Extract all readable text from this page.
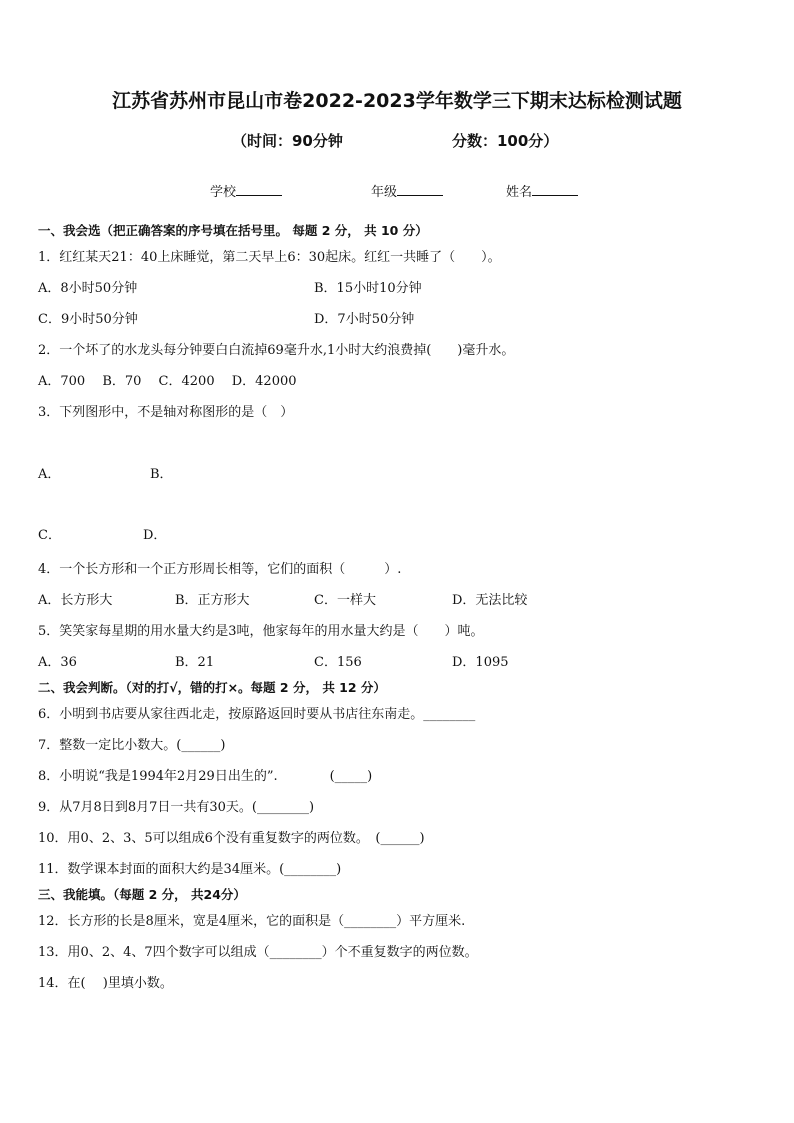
江苏省苏州市昆山市卷2022-2023学年数学三下期末达标检测试题
（时间：90分钟	分数：100分）
学校	年级	姓名
一、我会选（把正确答案的序号填在括号里。 每题 2 分， 共 10 分）
1．红红某天21：40上床睡觉，第二天早上6：30起床。红红一共睡了（　　）。
A．8小时50分钟	B．15小时10分钟
C．9小时50分钟	D．7小时50分钟
2．一个坏了的水龙头每分钟要白白流掉69毫升水,1小时大约浪费掉(　　)毫升水。
A．700　 B．70　 C．4200　 D．42000
3．下列图形中，不是轴对称图形的是（　）
A．	B．
C．	D．
4．一个长方形和一个正方形周长相等，它们的面积（　　　）.
A．长方形大	B．正方形大	C．一样大	D．无法比较
5．笑笑家每星期的用水量大约是3吨，他家每年的用水量大约是（　　）吨。
A．36	B．21	C．156	D．1095
二、我会判断。（对的打√，错的打×。每题 2 分， 共 12 分）
6．小明到书店要从家往西北走，按原路返回时要从书店往东南走。________
7．整数一定比小数大。(______)
8．小明说“我是1994年2月29日出生的”.　　　　(_____)
9．从7月8日到8月7日一共有30天。(________)
10．用0、2、3、5可以组成6个没有重复数字的两位数。　(______)
11．数学课本封面的面积大约是34厘米。(________)
三、我能填。（每题 2 分， 共24分）
12．长方形的长是8厘米，宽是4厘米，它的面积是（________）平方厘米.
13．用0、2、4、7四个数字可以组成（________）个不重复数字的两位数。
14．在(　 )里填小数。
